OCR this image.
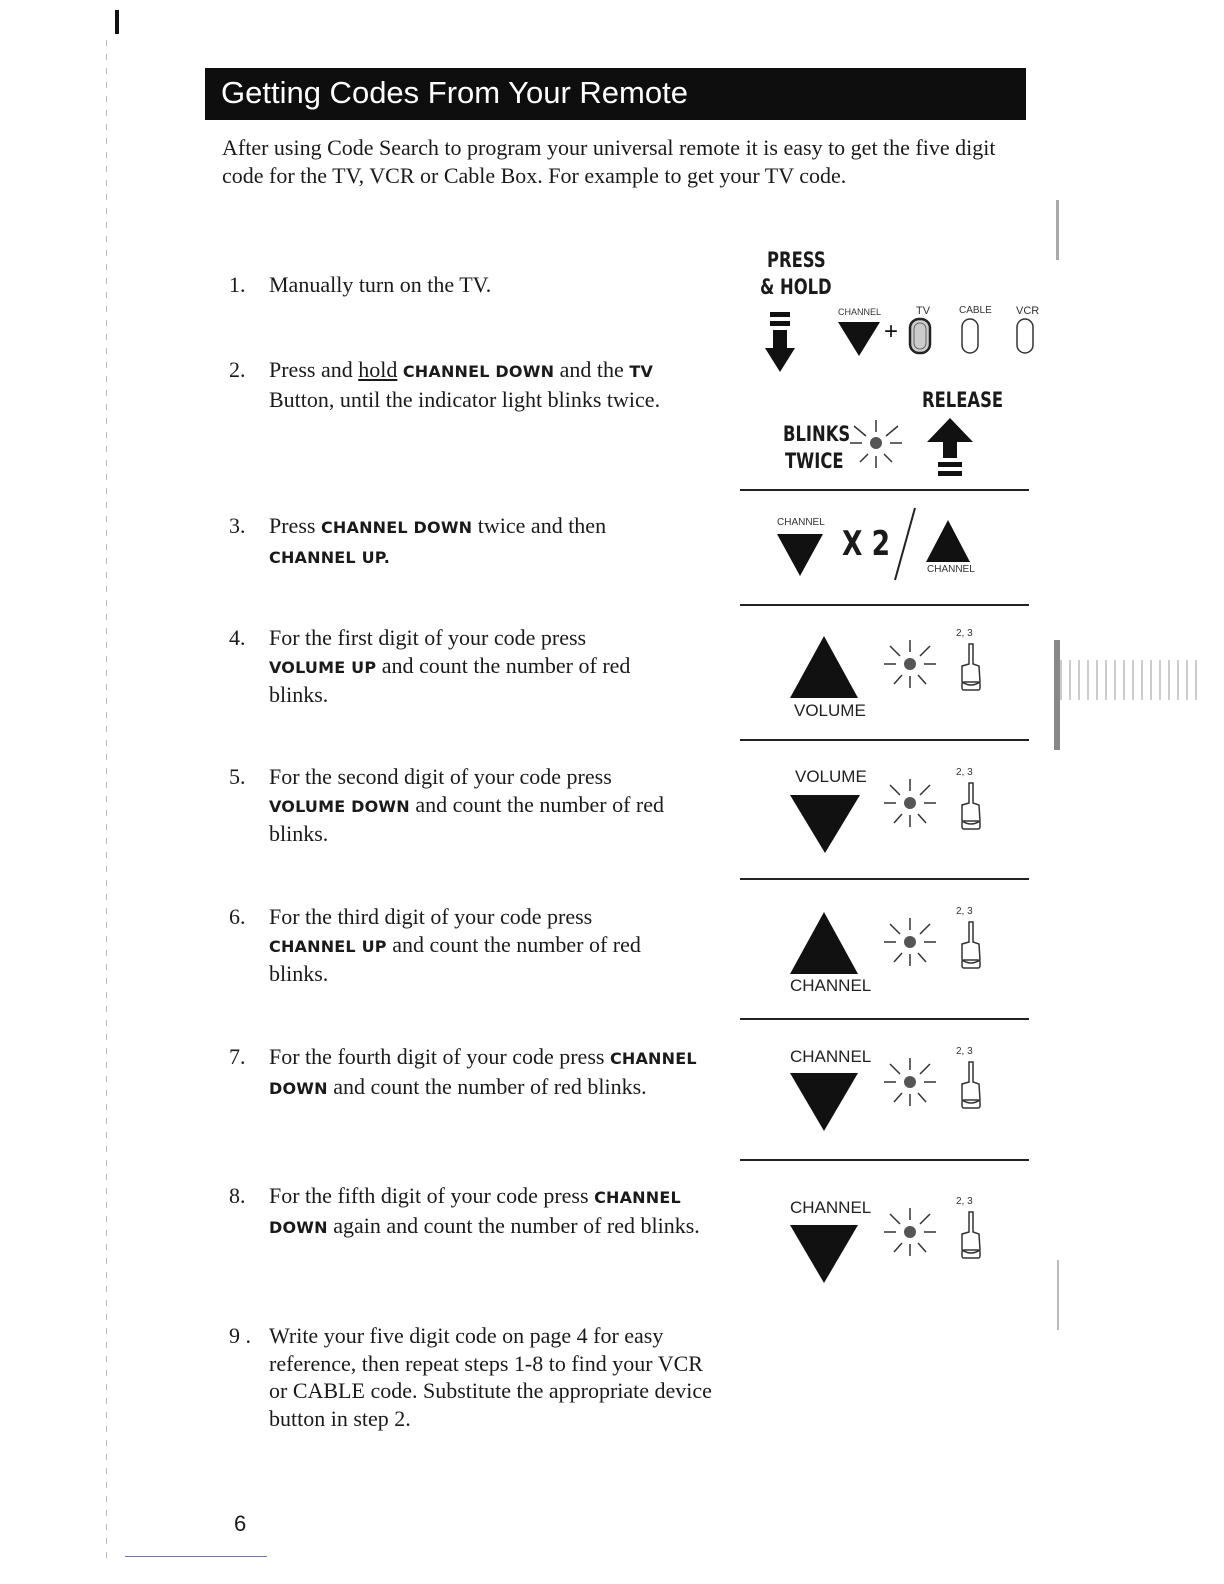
Getting Codes From Your Remote
After using Code Search to program your universal remote it is easy to get the five digit code for the TV, VCR or Cable Box. For example to get your TV code.
1.	Manually turn on the TV.
2.	Press and hold CHANNEL DOWN and the TV Button, until the indicator light blinks twice.
3.	Press CHANNEL DOWN twice and then CHANNEL UP.
4.	For the first digit of your code press VOLUME UP and count the number of red blinks.
5.	For the second digit of your code press VOLUME DOWN and count the number of red blinks.
6.	For the third digit of your code press CHANNEL UP and count the number of red blinks.
7.	For the fourth digit of your code press CHANNEL DOWN and count the number of red blinks.
8.	For the fifth digit of your code press CHANNEL DOWN again and count the number of red blinks.
9 . Write your five digit code on page 4 for easy reference, then repeat steps 1-8 to find your VCR or CABLE code. Substitute the appropriate device button in step 2.
PRESS
& HOLD
CHANNEL	TV	CABLE VCR
+
RELEASE
BLINKS
TWICE
CHANNEL
X 2
CHANNEL
VOLUME
VOLUME
CHANNEL
CHANNEL
CHANNEL
2, 3
2, 3
2, 3
2, 3
2, 3
6
